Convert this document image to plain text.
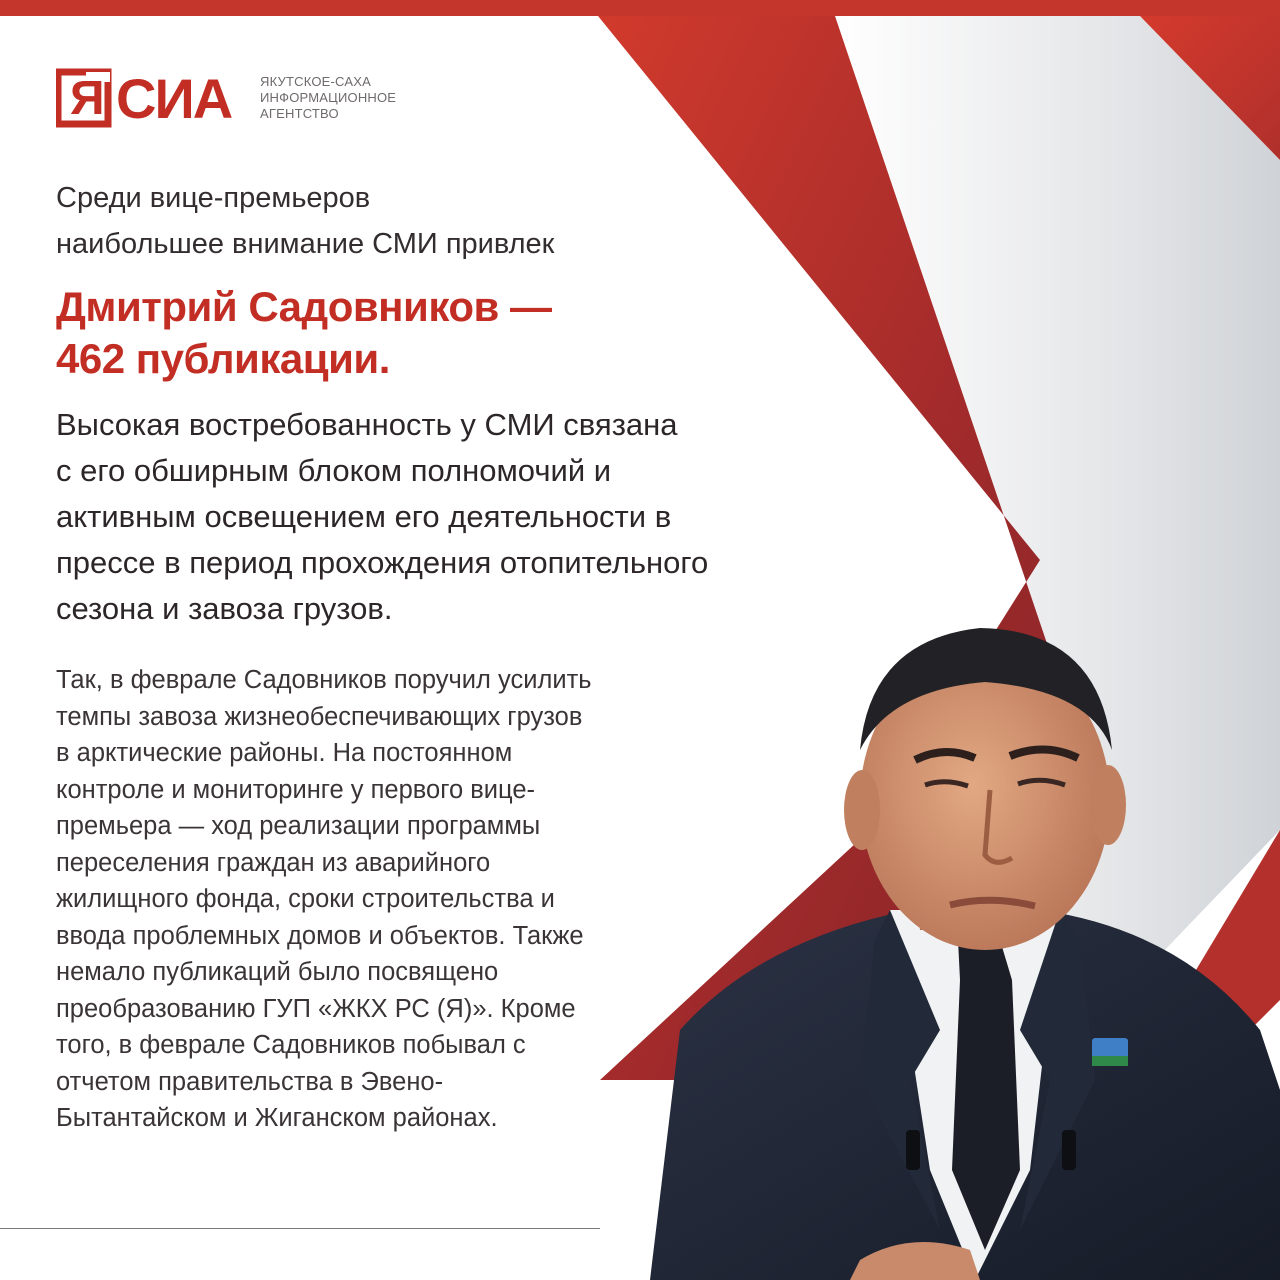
Я СИА ЯКУТСКОЕ-САХА
ИНФОРМАЦИОННОЕ
АГЕНТСТВО
Среди вице-премьеров
наибольшее внимание СМИ привлек
Дмитрий Садовников —
462 публикации.
Высокая востребованность у СМИ связана
с его обширным блоком полномочий и
активным освещением его деятельности в
прессе в период прохождения отопительного
сезона и завоза грузов.
Так, в феврале Садовников поручил усилить
темпы завоза жизнеобеспечивающих грузов
в арктические районы. На постоянном
контроле и мониторинге у первого вице-
премьера — ход реализации программы
переселения граждан из аварийного
жилищного фонда, сроки строительства и
ввода проблемных домов и объектов. Также
немало публикаций было посвящено
преобразованию ГУП «ЖКХ РС (Я)». Кроме
того, в феврале Садовников побывал с
отчетом правительства в Эвено-
Бытантайском и Жиганском районах.
